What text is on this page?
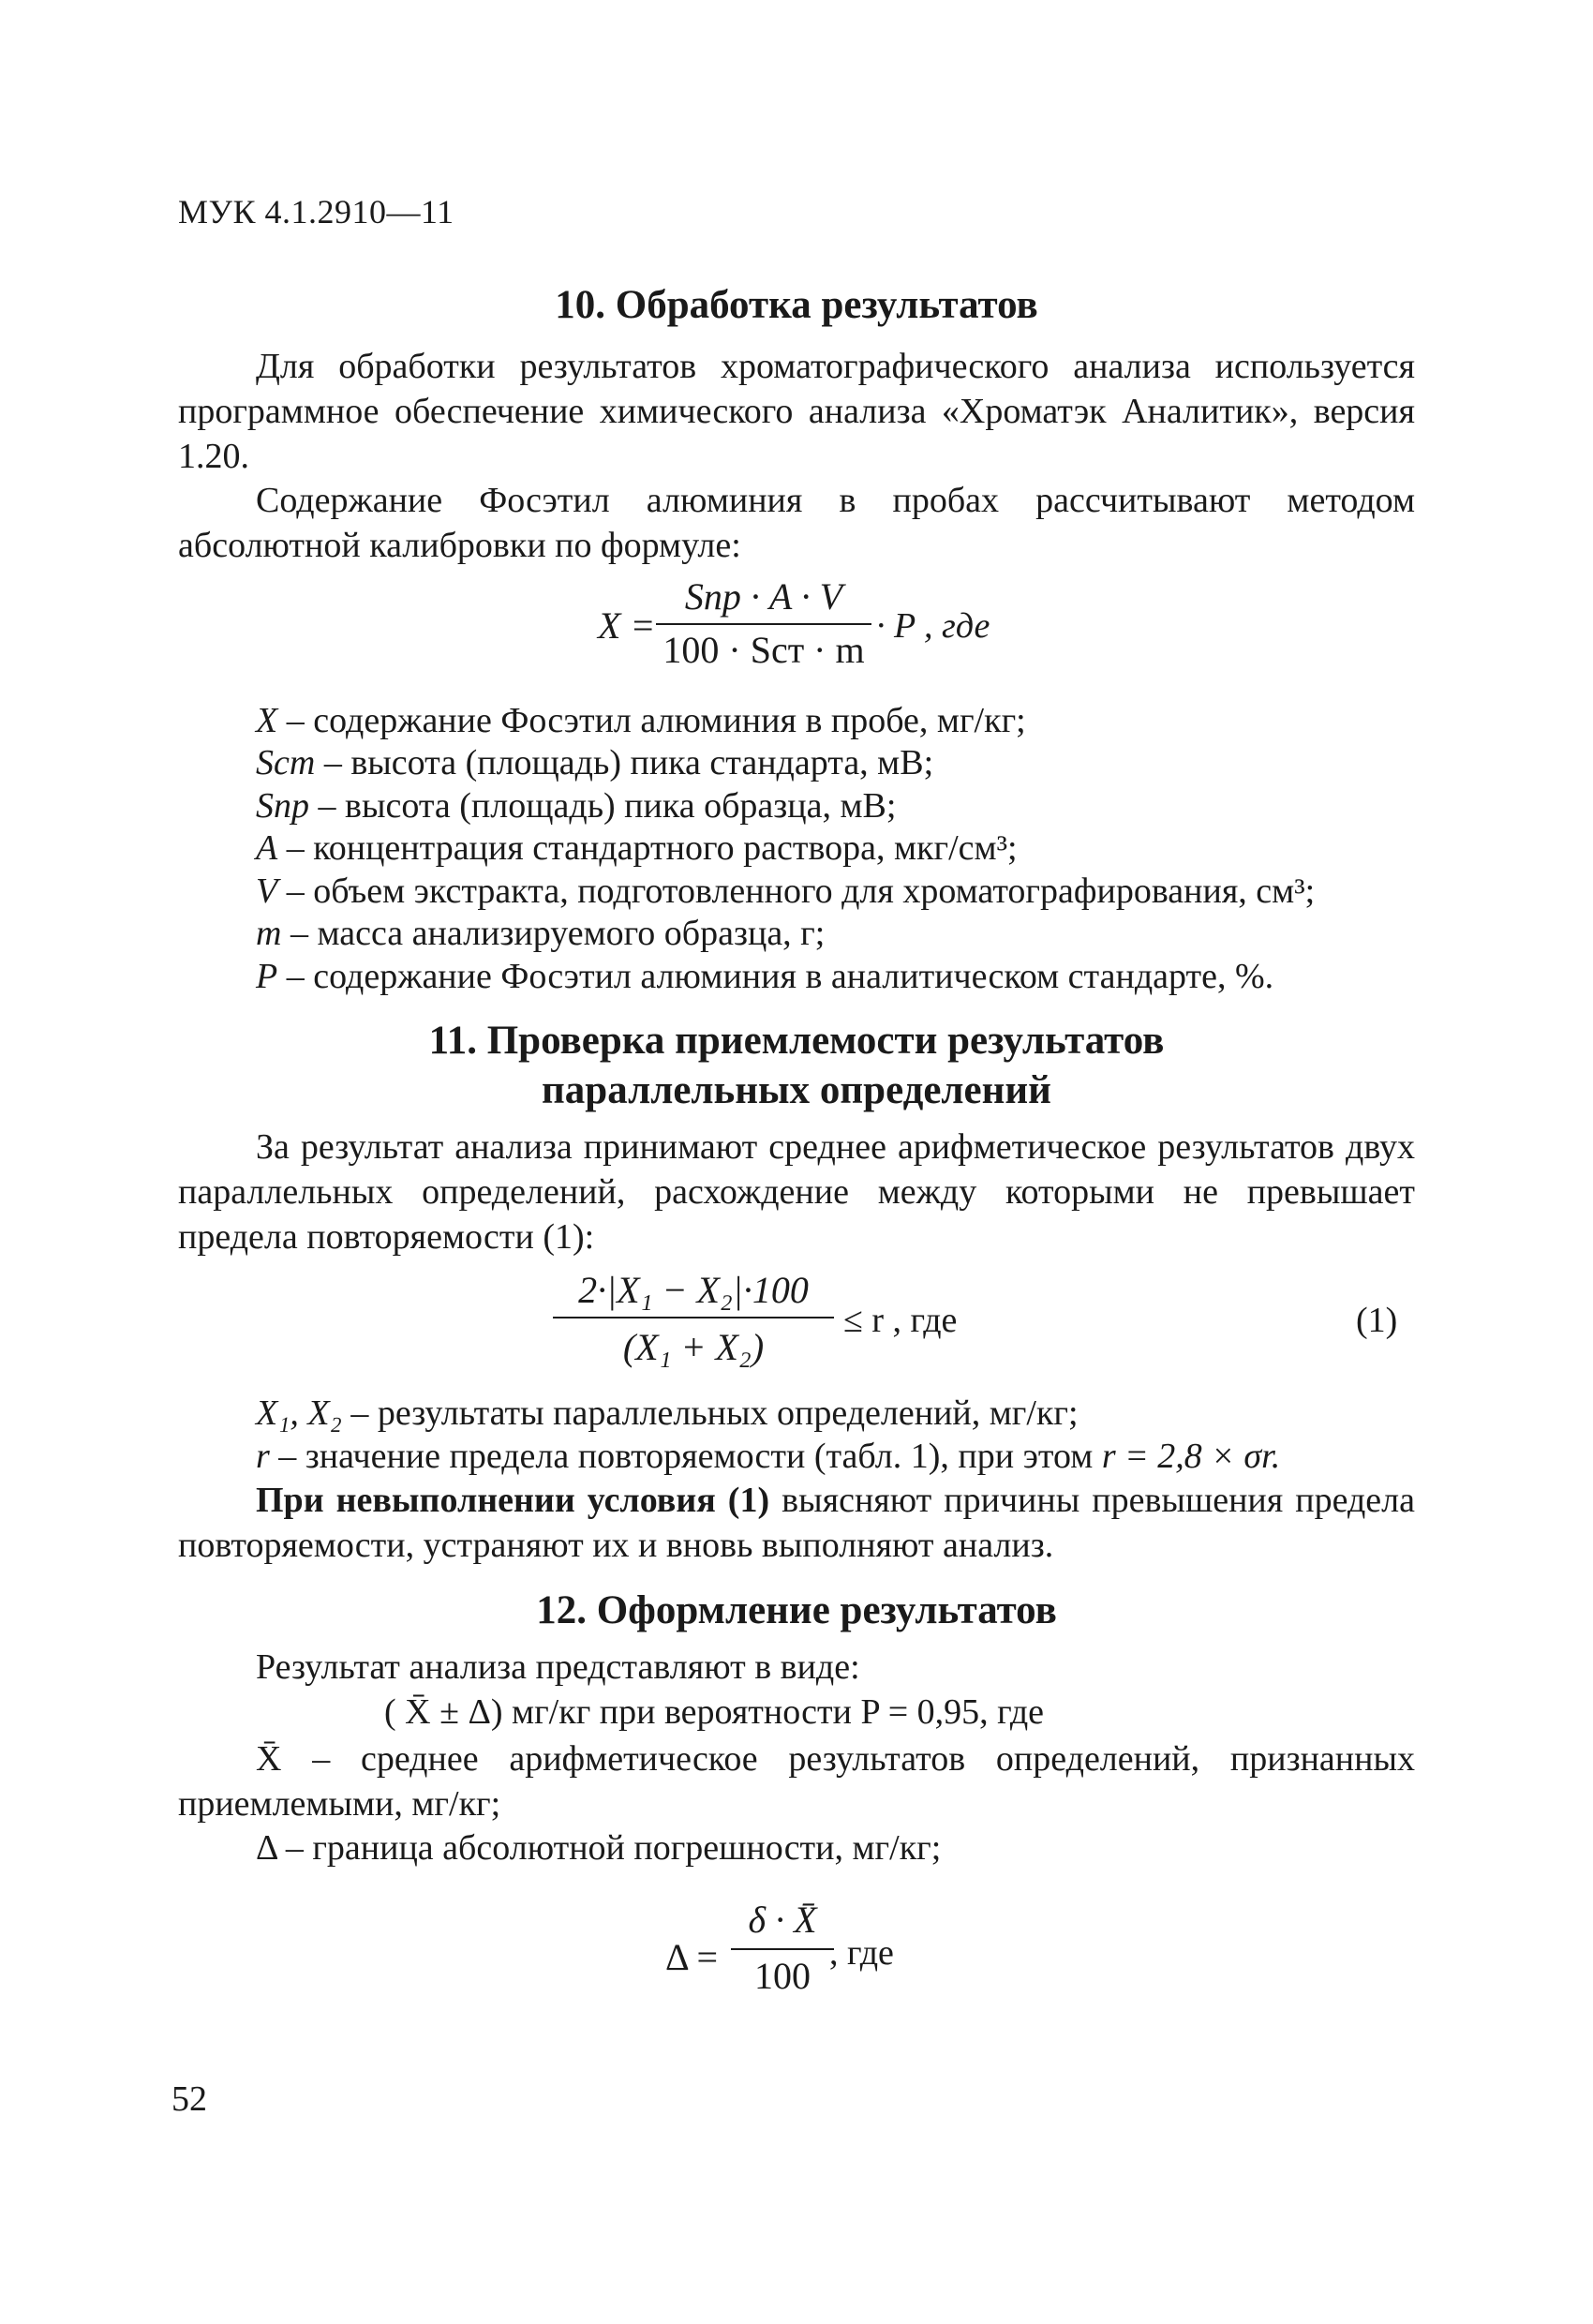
МУК 4.1.2910—11
10. Обработка результатов
Для обработки результатов хроматографического анализа используется программное обеспечение химического анализа «Хроматэк Аналитик», версия 1.20.
Содержание Фосэтил алюминия в пробах рассчитывают методом абсолютной калибровки по формуле:
X =
Sпр · A · V
100 · Sст · m
· P , где
X – содержание Фосэтил алюминия в пробе, мг/кг;
Sст – высота (площадь) пика стандарта, мВ;
Sпр – высота (площадь) пика образца, мВ;
A – концентрация стандартного раствора, мкг/см³;
V – объем экстракта, подготовленного для хроматографирования, см³;
m – масса анализируемого образца, г;
P – содержание Фосэтил алюминия в аналитическом стандарте, %.
11. Проверка приемлемости результатов
параллельных определений
За результат анализа принимают среднее арифметическое результатов двух параллельных определений, расхождение между которыми не превышает предела повторяемости (1):
2·|X₁ − X₂|·100
(X₁ + X₂)
≤ r , где	(1)
X₁, X₂ – результаты параллельных определений, мг/кг;
r – значение предела повторяемости (табл. 1), при этом r = 2,8 × σr.
При невыполнении условия (1) выясняют причины превышения предела повторяемости, устраняют их и вновь выполняют анализ.
12. Оформление результатов
Результат анализа представляют в виде:
( X̄ ± Δ) мг/кг при вероятности P = 0,95, где
X̄ – среднее арифметическое результатов определений, признанных приемлемыми, мг/кг;
Δ – граница абсолютной погрешности, мг/кг;
Δ =
δ · X̄
100
, где
52
